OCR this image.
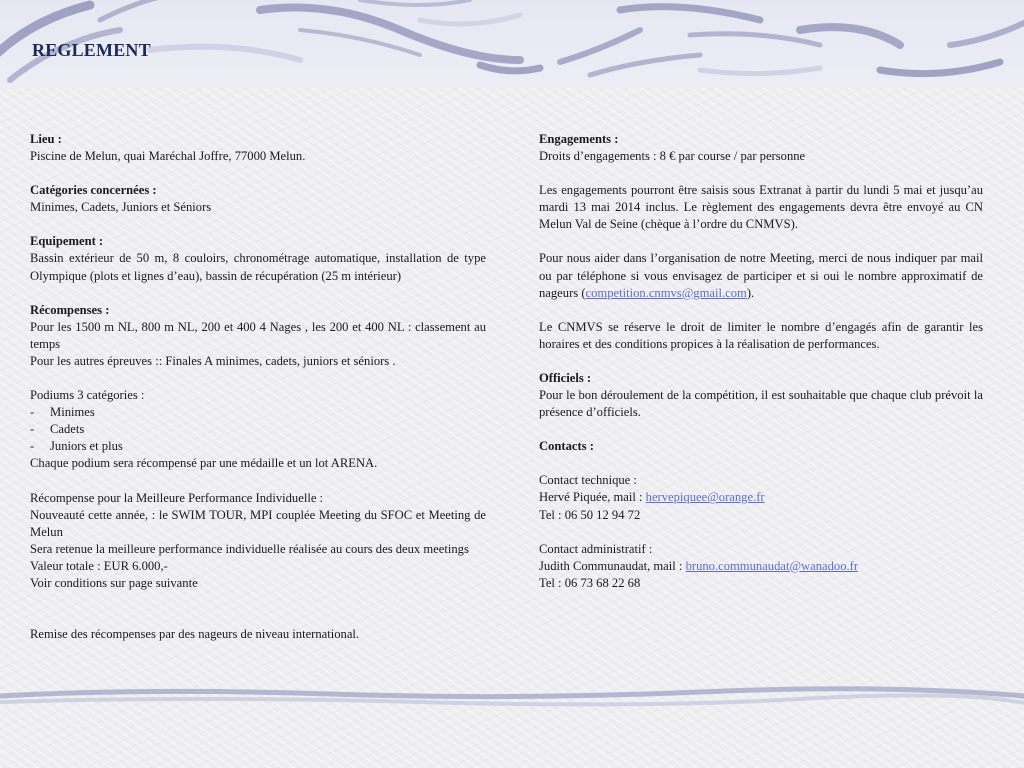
REGLEMENT

Lieu :

Piscine de Melun, quai Maréchal Joffre, 77000 Melun.

Catégories concernées :

Minimes, Cadets, Juniors et Séniors

Equipement :

Bassin extérieur de 50 m, 8 couloirs, chronométrage automatique, installation de type Olympique (plots et lignes d’eau), bassin de récupération (25 m intérieur)

Récompenses :

Pour les 1500 m NL, 800 m NL, 200 et 400 4 Nages , les 200 et 400 NL : classement au temps

Pour les autres épreuves :: Finales A minimes, cadets, juniors et séniors .

Podiums 3 catégories :

- Minimes

- Cadets

- Juniors et plus

Chaque podium sera récompensé par une médaille et un lot ARENA.

Récompense pour la Meilleure Performance Individuelle :

Nouveauté cette année, : le SWIM TOUR, MPI couplée Meeting du SFOC et Meeting de Melun

Sera retenue la meilleure performance individuelle réalisée au cours des deux meetings

Valeur totale : EUR 6.000,-

Voir conditions sur page suivante

Remise des récompenses par des nageurs de niveau international.

Engagements :

Droits d’engagements : 8 € par course / par personne

Les engagements pourront être saisis sous Extranat à partir du lundi 5 mai et jusqu’au mardi 13 mai 2014 inclus. Le règlement des engagements devra être envoyé au CN Melun Val de Seine (chèque à l’ordre du CNMVS).

Pour nous aider dans l’organisation de notre Meeting, merci de nous indiquer par mail ou par téléphone si vous envisagez de participer et si oui le nombre approximatif de nageurs (competition.cnmvs@gmail.com).

Le CNMVS se réserve le droit de limiter le nombre d’engagés afin de garantir les horaires et des conditions propices à la réalisation de performances.

Officiels :

Pour le bon déroulement de la compétition, il est souhaitable que chaque club prévoit la présence d’officiels.

Contacts :

Contact technique :

Hervé Piquée, mail : hervepiquee@orange.fr

Tel : 06 50 12 94 72

Contact administratif :

Judith Communaudat, mail : bruno.communaudat@wanadoo.fr

Tel : 06 73 68 22 68
